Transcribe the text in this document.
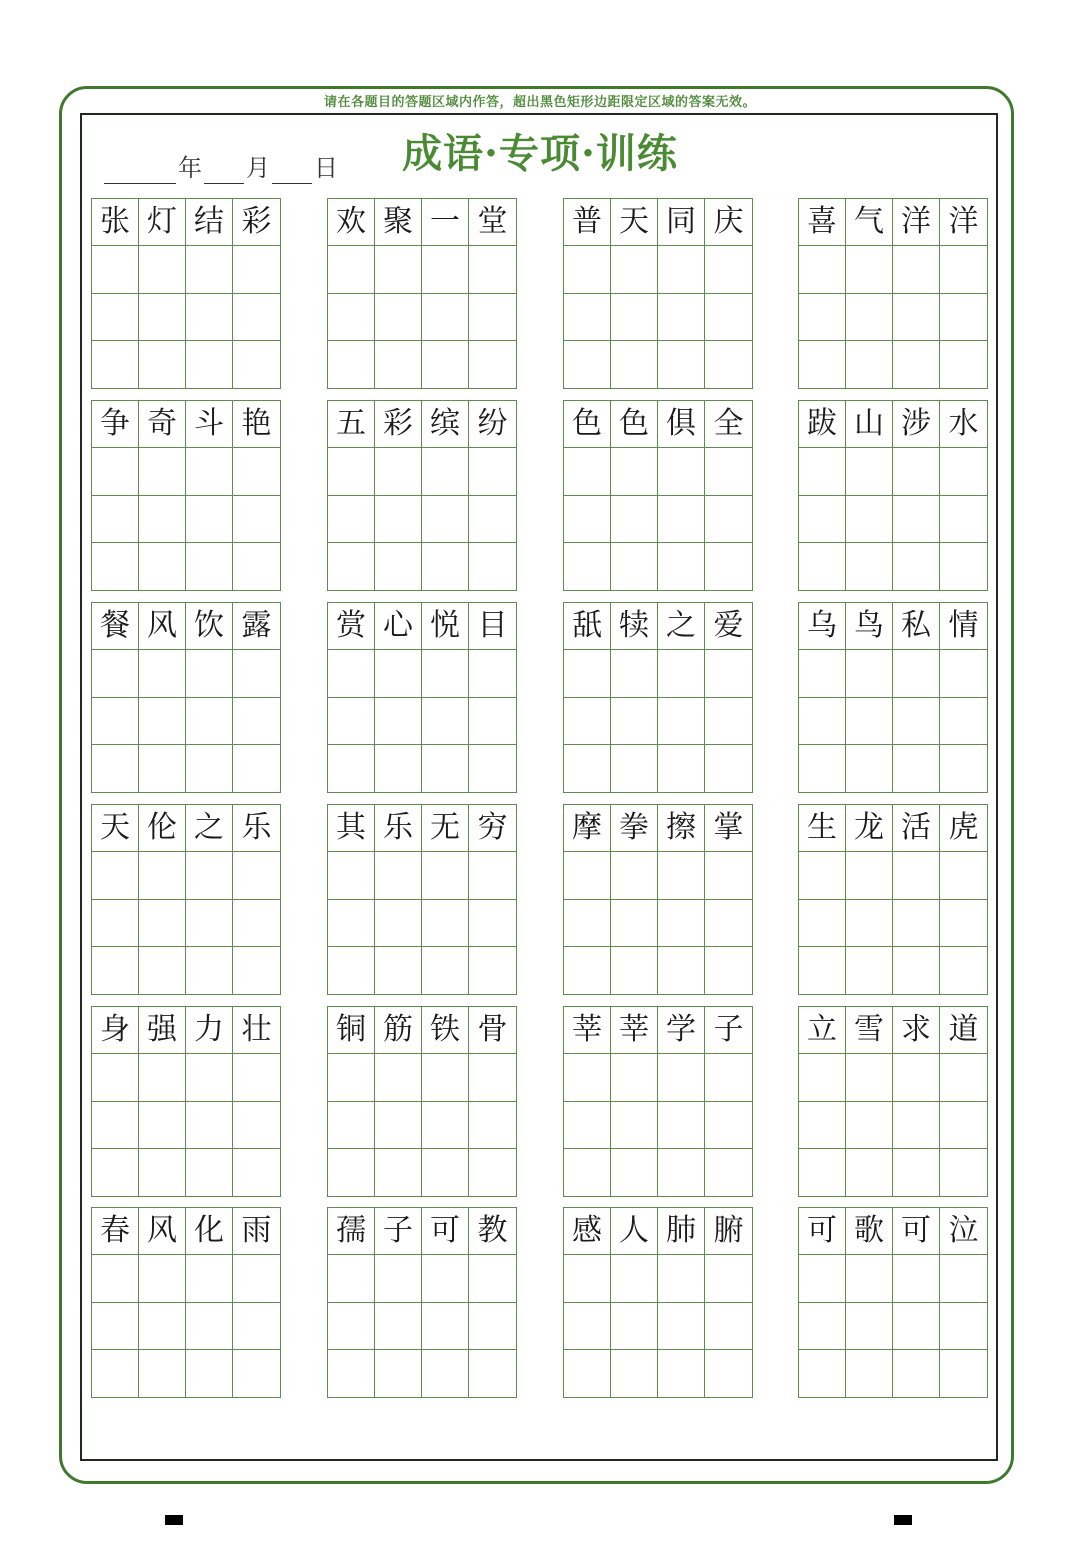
请在各题目的答题区域内作答，超出黑色矩形边距限定区域的答案无效。
成语·专项·训练
年 月 日
张 灯 结 彩 欢 聚 一 堂 普 天 同 庆 喜 气 洋 洋
争 奇 斗 艳 五 彩 缤 纷 色 色 俱 全 跋 山 涉 水
餐 风 饮 露 赏 心 悦 目 舐 犊 之 爱 乌 鸟 私 情
天 伦 之 乐 其 乐 无 穷 摩 拳 擦 掌 生 龙 活 虎
身 强 力 壮 铜 筋 铁 骨 莘 莘 学 子 立 雪 求 道
春 风 化 雨 孺 子 可 教 感 人 肺 腑 可 歌 可 泣
